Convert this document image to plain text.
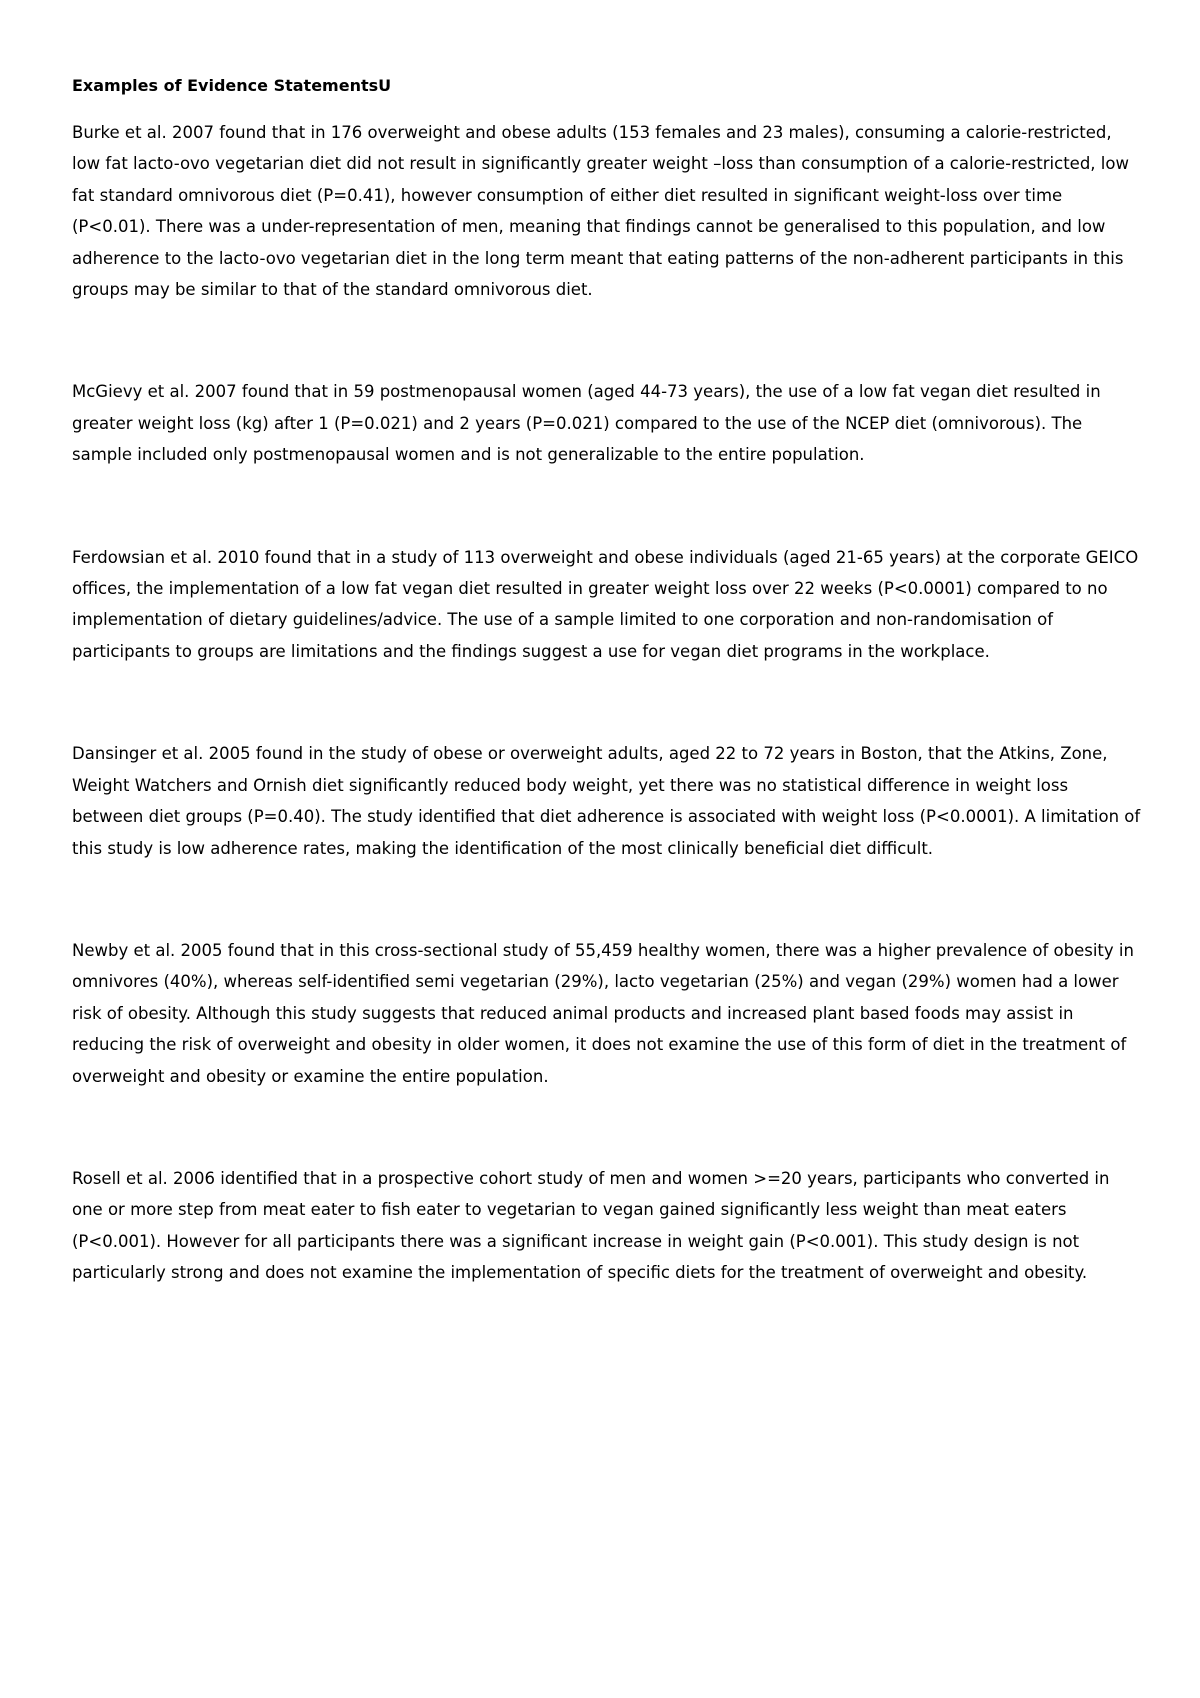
Examples of Evidence StatementsU

Burke et al. 2007 found that in 176 overweight and obese adults (153 females and 23 males), consuming a calorie-restricted, low fat lacto-ovo vegetarian diet did not result in significantly greater weight –loss than consumption of a calorie-restricted, low fat standard omnivorous diet (P=0.41), however consumption of either diet resulted in significant weight-loss over time (P<0.01). There was a under-representation of men, meaning that findings cannot be generalised to this population, and low adherence to the lacto-ovo vegetarian diet in the long term meant that eating patterns of the non-adherent participants in this groups may be similar to that of the standard omnivorous diet.

McGievy et al. 2007 found that in 59 postmenopausal women (aged 44-73 years), the use of a low fat vegan diet resulted in greater weight loss (kg) after 1 (P=0.021) and 2 years (P=0.021) compared to the use of the NCEP diet (omnivorous). The sample included only postmenopausal women and is not generalizable to the entire population.

Ferdowsian et al. 2010 found that in a study of 113 overweight and obese individuals (aged 21-65 years) at the corporate GEICO offices, the implementation of a low fat vegan diet resulted in greater weight loss over 22 weeks (P<0.0001) compared to no implementation of dietary guidelines/advice. The use of a sample limited to one corporation and non-randomisation of participants to groups are limitations and the findings suggest a use for vegan diet programs in the workplace.

Dansinger et al. 2005 found in the study of obese or overweight adults, aged 22 to 72 years in Boston, that the Atkins, Zone, Weight Watchers and Ornish diet significantly reduced body weight, yet there was no statistical difference in weight loss between diet groups (P=0.40). The study identified that diet adherence is associated with weight loss (P<0.0001). A limitation of this study is low adherence rates, making the identification of the most clinically beneficial diet difficult.

Newby et al. 2005 found that in this cross-sectional study of 55,459 healthy women, there was a higher prevalence of obesity in omnivores (40%), whereas self-identified semi vegetarian (29%), lacto vegetarian (25%) and vegan (29%) women had a lower risk of obesity. Although this study suggests that reduced animal products and increased plant based foods may assist in reducing the risk of overweight and obesity in older women, it does not examine the use of this form of diet in the treatment of overweight and obesity or examine the entire population.

Rosell et al. 2006 identified that in a prospective cohort study of men and women >=20 years, participants who converted in one or more step from meat eater to fish eater to vegetarian to vegan gained significantly less weight than meat eaters (P<0.001). However for all participants there was a significant increase in weight gain (P<0.001). This study design is not particularly strong and does not examine the implementation of specific diets for the treatment of overweight and obesity.
